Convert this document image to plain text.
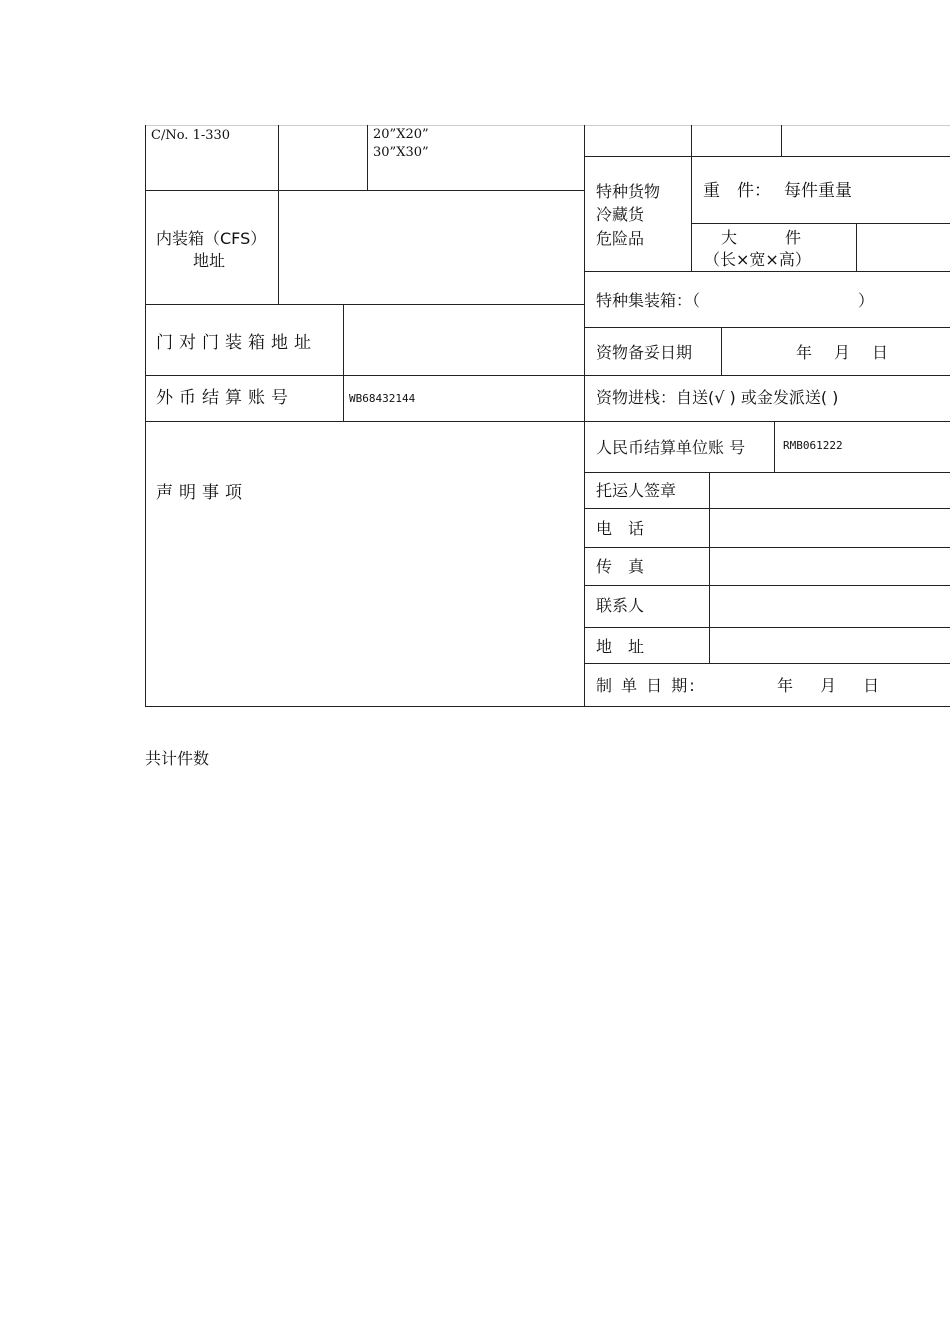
C/No. 1-330	20”X20”
30”X30”
内装箱（CFS）
地址
门对门装箱地址
外币结算账号	WB68432144
声明事项
特种货物
冷藏货
危险品
重　件： 每件重量
大　　　件
（长×宽×高）
特种集装箱：（	）
资物备妥日期	年　月　日
资物进栈：自送(√ ) 或金发派送( )
人民币结算单位账 号	RMB061222
托运人签章
电　话
传　真
联系人
地　址
制 单 日 期:	年　 月　 日
共计件数
